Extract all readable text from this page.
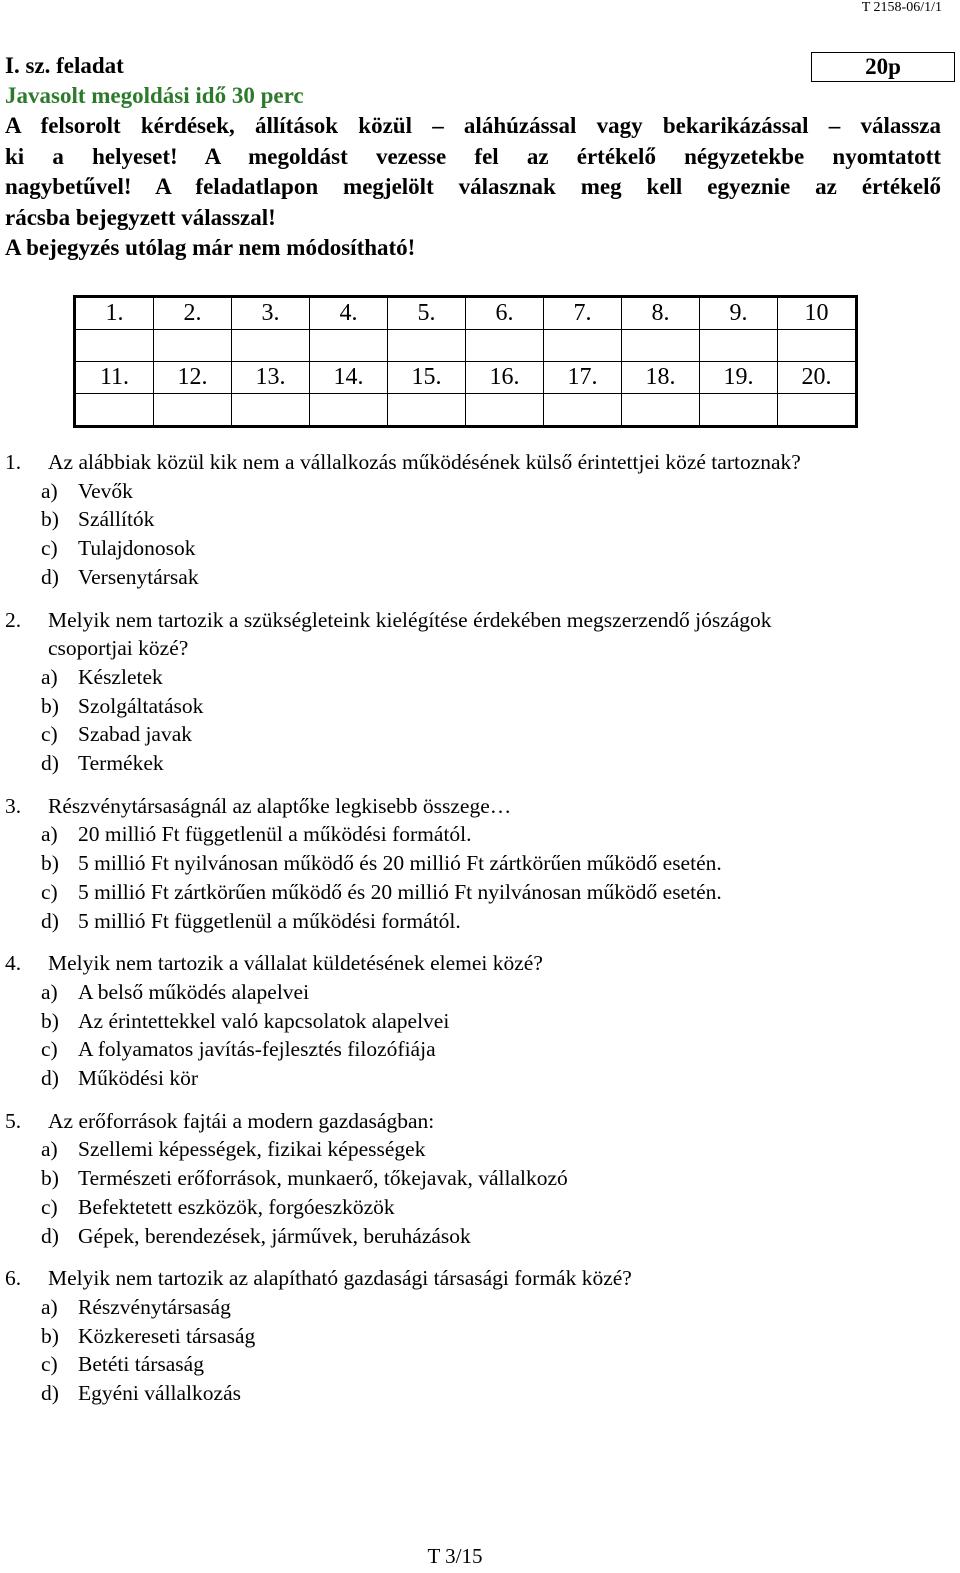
T 2158-06/1/1
I. sz. feladat
Javasolt megoldási idő 30 perc
A felsorolt kérdések, állítások közül – aláhúzással vagy bekarikázással – válassza
ki a helyeset! A megoldást vezesse fel az értékelő négyzetekbe nyomtatott
nagybetűvel! A feladatlapon megjelölt válasznak meg kell egyeznie az értékelő
rácsba bejegyzett válasszal!
A bejegyzés utólag már nem módosítható!
20p
1.	2.	3.	4.	5.	6.	7.	8.	9.	10

11.	12.	13.	14.	15.	16.	17.	18.	19.	20.

1.	Az alábbiak közül kik nem a vállalkozás működésének külső érintettjei közé tartoznak?
a) Vevők
b) Szállítók
c) Tulajdonosok
d) Versenytársak
2.	Melyik nem tartozik a szükségleteink kielégítése érdekében megszerzendő jószágok
csoportjai közé?
a) Készletek
b) Szolgáltatások
c) Szabad javak
d) Termékek
3.	Részvénytársaságnál az alaptőke legkisebb összege…
a) 20 millió Ft függetlenül a működési formától.
b) 5 millió Ft nyilvánosan működő és 20 millió Ft zártkörűen működő esetén.
c) 5 millió Ft zártkörűen működő és 20 millió Ft nyilvánosan működő esetén.
d) 5 millió Ft függetlenül a működési formától.
4.	Melyik nem tartozik a vállalat küldetésének elemei közé?
a) A belső működés alapelvei
b) Az érintettekkel való kapcsolatok alapelvei
c) A folyamatos javítás-fejlesztés filozófiája
d) Működési kör
5.	Az erőforrások fajtái a modern gazdaságban:
a) Szellemi képességek, fizikai képességek
b) Természeti erőforrások, munkaerő, tőkejavak, vállalkozó
c) Befektetett eszközök, forgóeszközök
d) Gépek, berendezések, járművek, beruházások
6.	Melyik nem tartozik az alapítható gazdasági társasági formák közé?
a) Részvénytársaság
b) Közkereseti társaság
c) Betéti társaság
d) Egyéni vállalkozás
T 3/15
